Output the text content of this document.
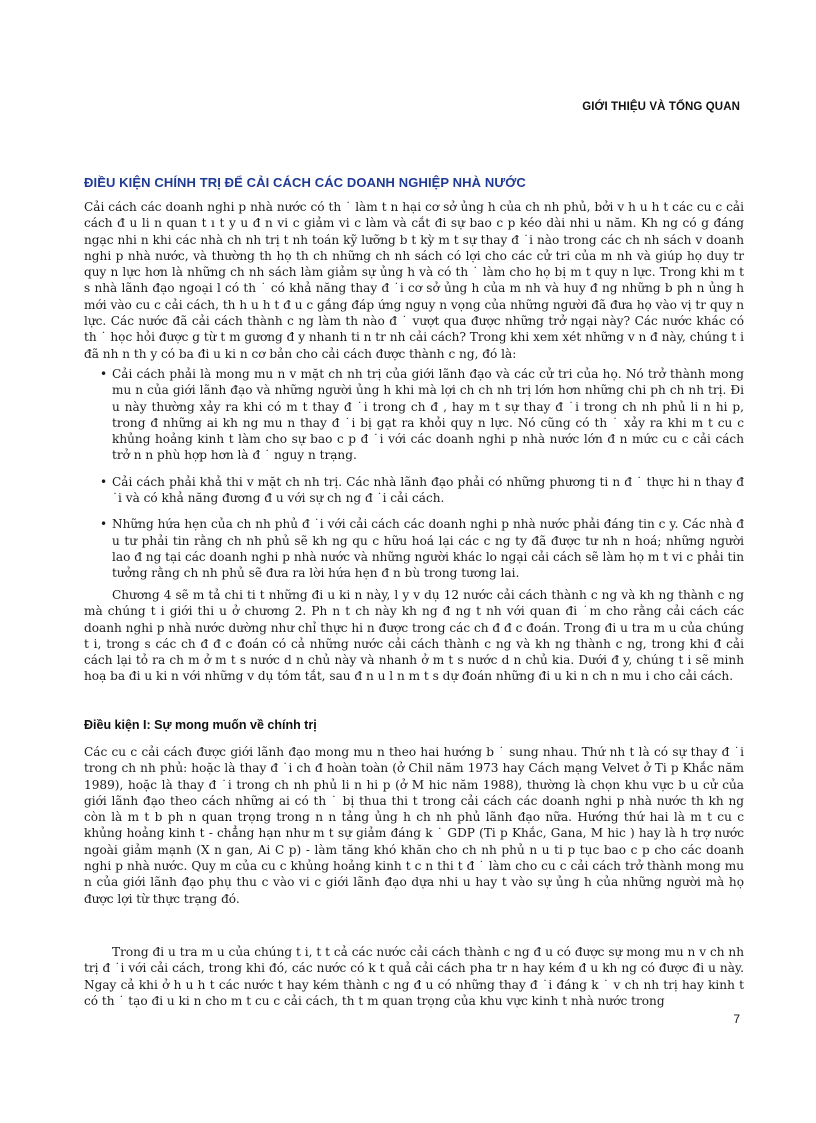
GIỚI THIỆU VÀ TỔNG QUAN
ĐIỀU KIỆN CHÍNH TRỊ ĐỂ CẢI CÁCH CÁC DOANH NGHIỆP NHÀ NƯỚC

Cải cách các doanh nghi p nhà nước có th ˙ làm t n hại cơ sở ủng h của ch nh phủ, bởi v h u h t các cu c cải cách đ u li n quan t ı t y u đ n vi c giảm vi c làm và cắt đi sự bao c p kéo dài nhi u năm. Kh ng có g đáng ngạc nhi n khi các nhà ch nh trị t nh toán kỹ lưỡng b t kỳ m t sự thay đ ˙i nào trong các ch nh sách v doanh nghi p nhà nước, và thường th họ th ch những ch nh sách có lợi cho các cử tri của m nh và giúp họ duy tr quy n lực hơn là những ch nh sách làm giảm sự ủng h và có th ˙ làm cho họ bị m t quy n lực. Trong khi m t s nhà lãnh đạo ngoại l có th ˙ có khả năng thay đ ˙i cơ sở ủng h của m nh và huy đ ng những b ph n ủng h mới vào cu c cải cách, th h u h t đ u c gắng đáp ứng nguy n vọng của những người đã đưa họ vào vị tr quy n lực. Các nước đã cải cách thành c ng làm th nào đ ˙ vượt qua được những trở ngại này? Các nước khác có th ˙ học hỏi được g từ t m gương đ y nhanh ti n tr nh cải cách? Trong khi xem xét những v n đ này, chúng t i đã nh n th y có ba đi u ki n cơ bản cho cải cách được thành c ng, đó là:

• Cải cách phải là mong mu n v mặt ch nh trị của giới lãnh đạo và các cử tri của họ. Nó trở thành mong mu n của giới lãnh đạo và những người ủng h khi mà lợi ch ch nh trị lớn hơn những chi ph ch nh trị. Đi u này thường xảy ra khi có m t thay đ ˙i trong ch đ , hay m t sự thay đ ˙i trong ch nh phủ li n hi p, trong đ những ai kh ng mu n thay đ ˙i bị gạt ra khỏi quy n lực. Nó cũng có th ˙ xảy ra khi m t cu c khủng hoảng kinh t làm cho sự bao c p đ ˙i với các doanh nghi p nhà nước lớn đ n mức cu c cải cách trở n n phù hợp hơn là đ ˙ nguy n trạng.
• Cải cách phải khả thi v mặt ch nh trị. Các nhà lãnh đạo phải có những phương ti n đ ˙ thực hi n thay đ ˙i và có khả năng đương đ u với sự ch ng đ ˙i cải cách.
• Những hứa hẹn của ch nh phủ đ ˙i với cải cách các doanh nghi p nhà nước phải đáng tin c y. Các nhà đ u tư phải tin rằng ch nh phủ sẽ kh ng qu c hữu hoá lại các c ng ty đã được tư nh n hoá; những người lao đ ng tại các doanh nghi p nhà nước và những người khác lo ngại cải cách sẽ làm họ m t vi c phải tin tưởng rằng ch nh phủ sẽ đưa ra lời hứa hẹn đ n bù trong tương lai.

Chương 4 sẽ m tả chi ti t những đi u ki n này, l y v dụ 12 nước cải cách thành c ng và kh ng thành c ng mà chúng t i giới thi u ở chương 2. Ph n t ch này kh ng đ ng t nh với quan đi ˙m cho rằng cải cách các doanh nghi p nhà nước dường như chỉ thực hi n được trong các ch đ đ c đoán. Trong đi u tra m u của chúng t i, trong s các ch đ đ c đoán có cả những nước cải cách thành c ng và kh ng thành c ng, trong khi đ cải cách lại tỏ ra ch m ở m t s nước d n chủ này và nhanh ở m t s nước d n chủ kia. Dưới đ y, chúng t i sẽ minh hoạ ba đi u ki n với những v dụ tóm tắt, sau đ n u l n m t s dự đoán những đi u ki n ch n mu i cho cải cách.

Điều kiện I: Sự mong muốn về chính trị

Các cu c cải cách được giới lãnh đạo mong mu n theo hai hướng b ˙ sung nhau. Thứ nh t là có sự thay đ ˙i trong ch nh phủ: hoặc là thay đ ˙i ch đ hoàn toàn (ở Chil năm 1973 hay Cách mạng Velvet ở Ti p Khắc năm 1989), hoặc là thay đ ˙i trong ch nh phủ li n hi p (ở M hic năm 1988), thường là chọn khu vực b u cử của giới lãnh đạo theo cách những ai có th ˙ bị thua thi t trong cải cách các doanh nghi p nhà nước th kh ng còn là m t b ph n quan trọng trong n n tảng ủng h ch nh phủ lãnh đạo nữa. Hướng thứ hai là m t cu c khủng hoảng kinh t - chẳng hạn như m t sự giảm đáng k ˙ GDP (Ti p Khắc, Gana, M hic ) hay là h trợ nước ngoài giảm mạnh (X n gan, Ai C p) - làm tăng khó khăn cho ch nh phủ n u ti p tục bao c p cho các doanh nghi p nhà nước. Quy m của cu c khủng hoảng kinh t c n thi t đ ˙ làm cho cu c cải cách trở thành mong mu n của giới lãnh đạo phụ thu c vào vi c giới lãnh đạo dựa nhi u hay t vào sự ủng h của những người mà họ được lợi từ thực trạng đó.

Trong đi u tra m u của chúng t i, t t cả các nước cải cách thành c ng đ u có được sự mong mu n v ch nh trị đ ˙i với cải cách, trong khi đó, các nước có k t quả cải cách pha tr n hay kém đ u kh ng có được đi u này. Ngay cả khi ở h u h t các nước t hay kém thành c ng đ u có những thay đ ˙i đáng k ˙ v ch nh trị hay kinh t có th ˙ tạo đi u ki n cho m t cu c cải cách, th t m quan trọng của khu vực kinh t nhà nước trong

7
